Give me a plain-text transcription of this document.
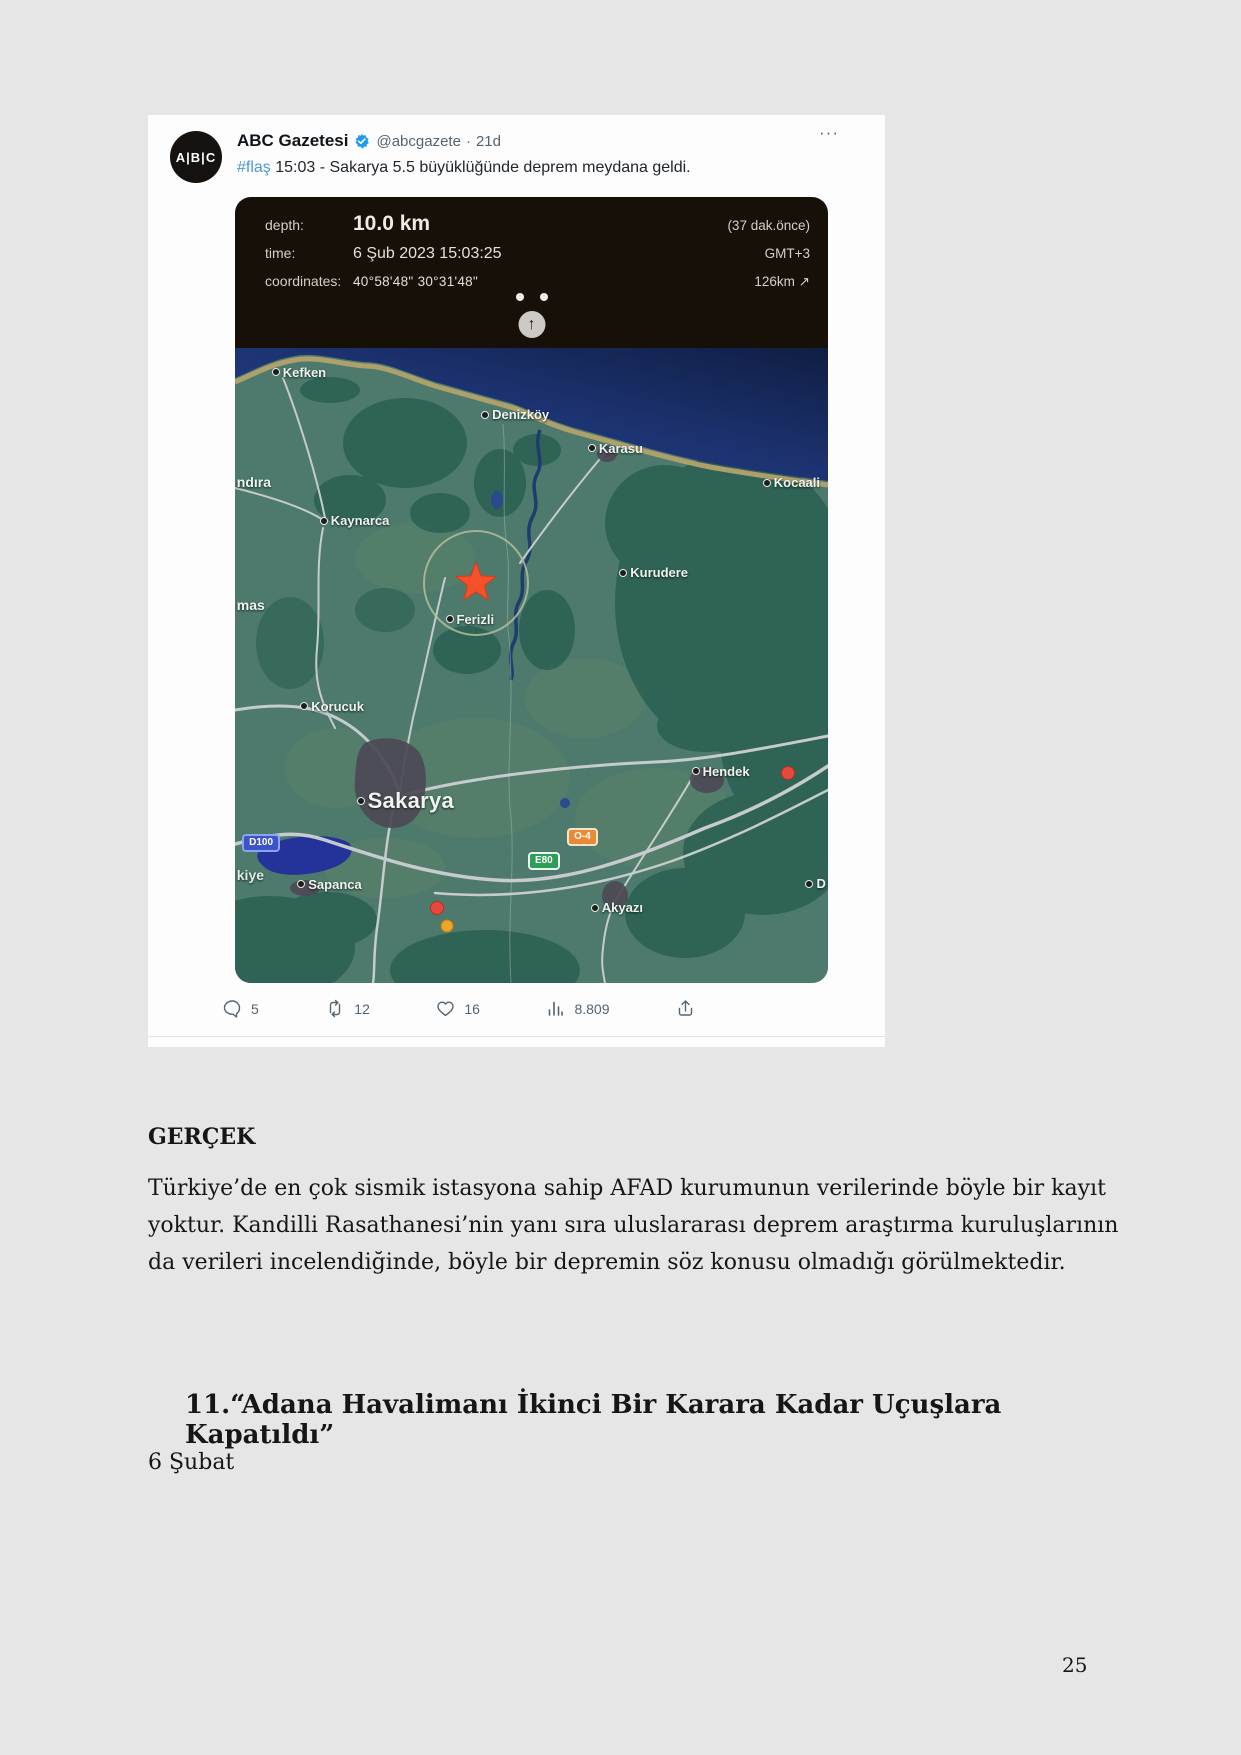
A|B|C
ABC Gazetesi @abcgazete · 21d	···
#flaş 15:03 - Sakarya 5.5 büyüklüğünde deprem meydana geldi.
depth:	10.0 km	(37 dak.önce)
time:	6 Şub 2023 15:03:25	GMT+3
coordinates: 40°58'48" 30°31'48"	126km ↗
↑
Kefken
Denizköy
Karasu
Kocaali
ndıra
Kaynarca
mas
Kurudere
Ferizli
Korucuk
Sakarya
Hendek
Sapanca
kiye
Akyazı
D
D100
E80
O-4
5	12	16	8.809
GERÇEK
Türkiye’de en çok sismik istasyona sahip AFAD kurumunun verilerinde böyle bir kayıt yoktur. Kandilli Rasathanesi’nin yanı sıra uluslararası deprem araştırma kuruluşlarının da verileri incelendiğinde, böyle bir depremin söz konusu olmadığı görülmektedir.
11.“Adana Havalimanı İkinci Bir Karara Kadar Uçuşlara Kapatıldı”
6 Şubat
25
